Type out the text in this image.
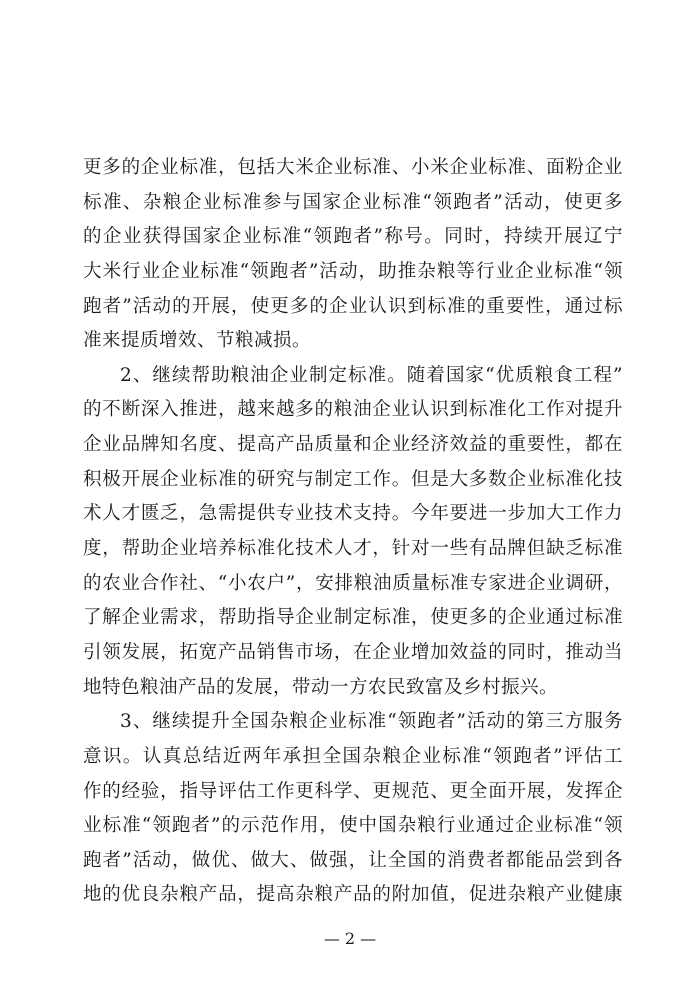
更多的企业标准，包括大米企业标准、小米企业标准、面粉企业
标准、杂粮企业标准参与国家企业标准“领跑者”活动，使更多
的企业获得国家企业标准“领跑者”称号。同时，持续开展辽宁
大米行业企业标准“领跑者”活动，助推杂粮等行业企业标准“领
跑者”活动的开展，使更多的企业认识到标准的重要性，通过标
准来提质增效、节粮减损。
2、继续帮助粮油企业制定标准。随着国家“优质粮食工程”
的不断深入推进，越来越多的粮油企业认识到标准化工作对提升
企业品牌知名度、提高产品质量和企业经济效益的重要性，都在
积极开展企业标准的研究与制定工作。但是大多数企业标准化技
术人才匮乏，急需提供专业技术支持。今年要进一步加大工作力
度，帮助企业培养标准化技术人才，针对一些有品牌但缺乏标准
的农业合作社、“小农户”，安排粮油质量标准专家进企业调研，
了解企业需求，帮助指导企业制定标准，使更多的企业通过标准
引领发展，拓宽产品销售市场，在企业增加效益的同时，推动当
地特色粮油产品的发展，带动一方农民致富及乡村振兴。
3、继续提升全国杂粮企业标准“领跑者”活动的第三方服务
意识。认真总结近两年承担全国杂粮企业标准“领跑者”评估工
作的经验，指导评估工作更科学、更规范、更全面开展，发挥企
业标准“领跑者”的示范作用，使中国杂粮行业通过企业标准“领
跑者”活动，做优、做大、做强，让全国的消费者都能品尝到各
地的优良杂粮产品，提高杂粮产品的附加值，促进杂粮产业健康
— 2 —
